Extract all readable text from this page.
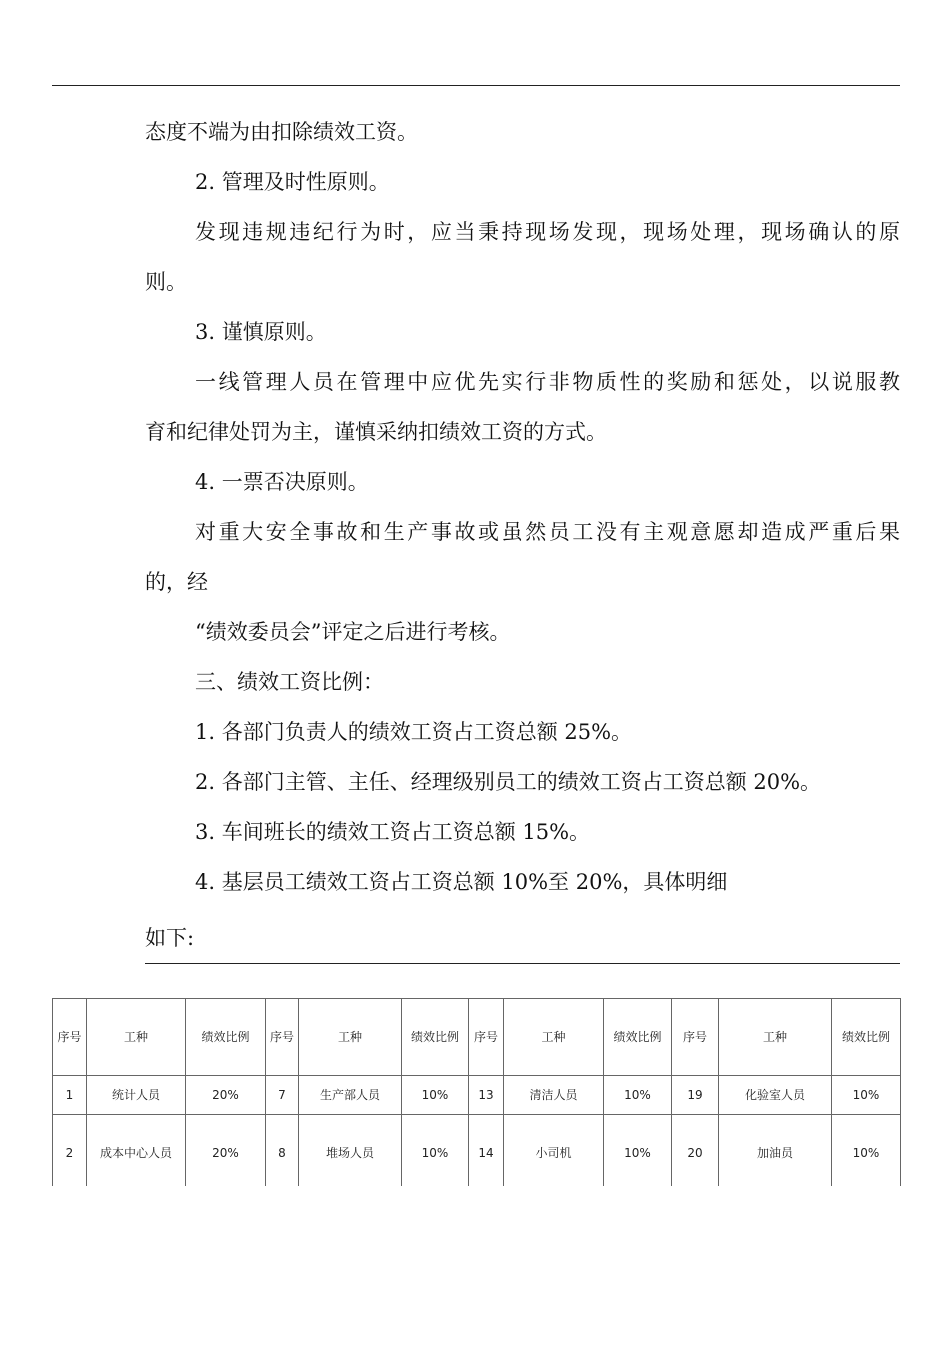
态度不端为由扣除绩效工资。

2. 管理及时性原则。

发现违规违纪行为时，应当秉持现场发现，现场处理，现场确认的原

则。

3. 谨慎原则。

一线管理人员在管理中应优先实行非物质性的奖励和惩处，以说服教

育和纪律处罚为主，谨慎采纳扣绩效工资的方式。

4. 一票否决原则。

对重大安全事故和生产事故或虽然员工没有主观意愿却造成严重后果

的，经

“绩效委员会”评定之后进行考核。

三、绩效工资比例：

1. 各部门负责人的绩效工资占工资总额 25%。

2. 各部门主管、主任、经理级别员工的绩效工资占工资总额 20%。

3. 车间班长的绩效工资占工资总额 15%。

4. 基层员工绩效工资占工资总额 10%至 20%，具体明细

如下:

序号	工种	绩效比例	序号	工种	绩效比例	序号	工种	绩效比例	序号	工种	绩效比例
1	统计人员	20%	7	生产部人员	10%	13	清洁人员	10%	19	化验室人员	10%
2	成本中心人员	20%	8	堆场人员	10%	14	小司机	10%	20	加油员	10%
